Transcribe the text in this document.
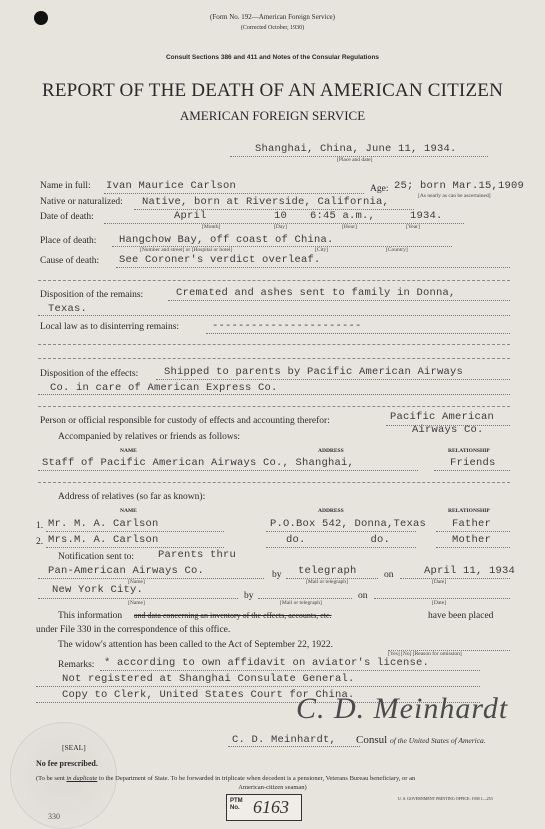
(Form No. 192—American Foreign Service)
(Corrected October, 1930)
Consult Sections 386 and 411 and Notes of the Consular Regulations
REPORT OF THE DEATH OF AN AMERICAN CITIZEN
AMERICAN FOREIGN SERVICE
Shanghai, China, June 11, 1934.
[Place and date]
Name in full: Ivan Maurice Carlson	Age: 25; born Mar.15,1909
[As nearly as can be ascertained]
Native or naturalized: Native, born at Riverside, California,
Date of death:	April	10 6:45 a.m.,	1934.
[Month]	[Day]	[Hour]	[Year]
Place of death: Hangchow Bay, off coast of China.
[Number and street] or [Hospital or hotel]	[City]	[Country]
Cause of death: See Coroner's verdict overleaf.
Disposition of the remains:	Cremated and ashes sent to family in Donna,
Texas.
Local law as to disinterring remains:	-----------------------
Disposition of the effects: Shipped to parents by Pacific American Airways
Co. in care of American Express Co.
Person or official responsible for custody of effects and accounting therefor:	Pacific American
Airways Co.
Accompanied by relatives or friends as follows:
NAME	ADDRESS	RELATIONSHIP
Staff of Pacific American Airways Co., Shanghai,	Friends
Address of relatives (so far as known):
NAME	ADDRESS	RELATIONSHIP
1. Mr. M. A. Carlson	P.O.Box 542, Donna,Texas Father
2. Mrs.M. A. Carlson	do.          do.	Mother
Notification sent to: Parents thru
Pan-American Airways Co.	by telegraph	on	April 11, 1934
[Name]	[Mail or telegraph]	[Date]
New York City.	by	on
[Name]	[Mail or telegraph]	[Date]
This information and data concerning an inventory of the effects, accounts, etc.	have been placed
under File 330 in the correspondence of this office.
The widow's attention has been called to the Act of September 22, 1922.
[Yes] [No] [Reason for omission]
Remarks: * according to own affidavit on aviator's license.
Not registered at Shanghai Consulate General.
Copy to Clerk, United States Court for China.
C. D. Meinhardt
C. D. Meinhardt, Consul of the United States of America.
[SEAL]
No fee prescribed.
(To be sent in duplicate to the Department of State. To be forwarded in triplicate when decedent is a pensioner, Veterans Bureau beneficiary, or an
American-citizen seaman)
U. S. GOVERNMENT PRINTING OFFICE: 1930 1—253
PTM No. 6163
330
